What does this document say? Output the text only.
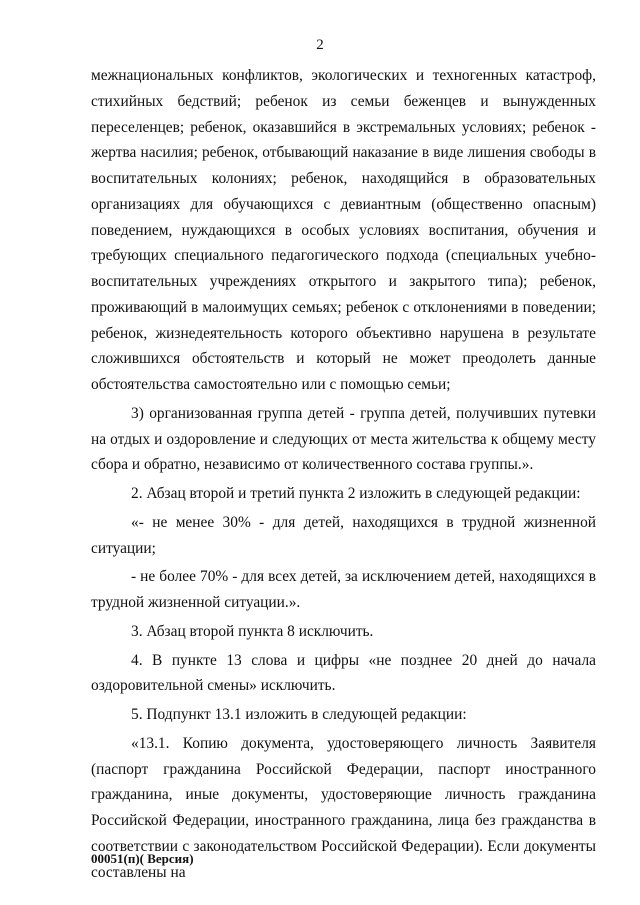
2

межнациональных конфликтов, экологических и техногенных катастроф, стихийных бедствий; ребенок из семьи беженцев и вынужденных переселенцев; ребенок, оказавшийся в экстремальных условиях; ребенок - жертва насилия; ребенок, отбывающий наказание в виде лишения свободы в воспитательных колониях; ребенок, находящийся в образовательных организациях для обучающихся с девиантным (общественно опасным) поведением, нуждающихся в особых условиях воспитания, обучения и требующих специального педагогического подхода (специальных учебно-воспитательных учреждениях открытого и закрытого типа); ребенок, проживающий в малоимущих семьях; ребенок с отклонениями в поведении; ребенок, жизнедеятельность которого объективно нарушена в результате сложившихся обстоятельств и который не может преодолеть данные обстоятельства самостоятельно или с помощью семьи;

3) организованная группа детей - группа детей, получивших путевки на отдых и оздоровление и следующих от места жительства к общему месту сбора и обратно, независимо от количественного состава группы.».

2. Абзац второй и третий пункта 2 изложить в следующей редакции:

«- не менее 30% - для детей, находящихся в трудной жизненной ситуации;

- не более 70% - для всех детей, за исключением детей, находящихся в трудной жизненной ситуации.».

3. Абзац второй пункта 8 исключить.

4. В пункте 13 слова и цифры «не позднее 20 дней до начала оздоровительной смены» исключить.

5. Подпункт 13.1 изложить в следующей редакции:

«13.1. Копию документа, удостоверяющего личность Заявителя (паспорт гражданина Российской Федерации, паспорт иностранного гражданина, иные документы, удостоверяющие личность гражданина Российской Федерации, иностранного гражданина, лица без гражданства в соответствии с законодательством Российской Федерации). Если документы составлены на

00051(п)( Версия)
